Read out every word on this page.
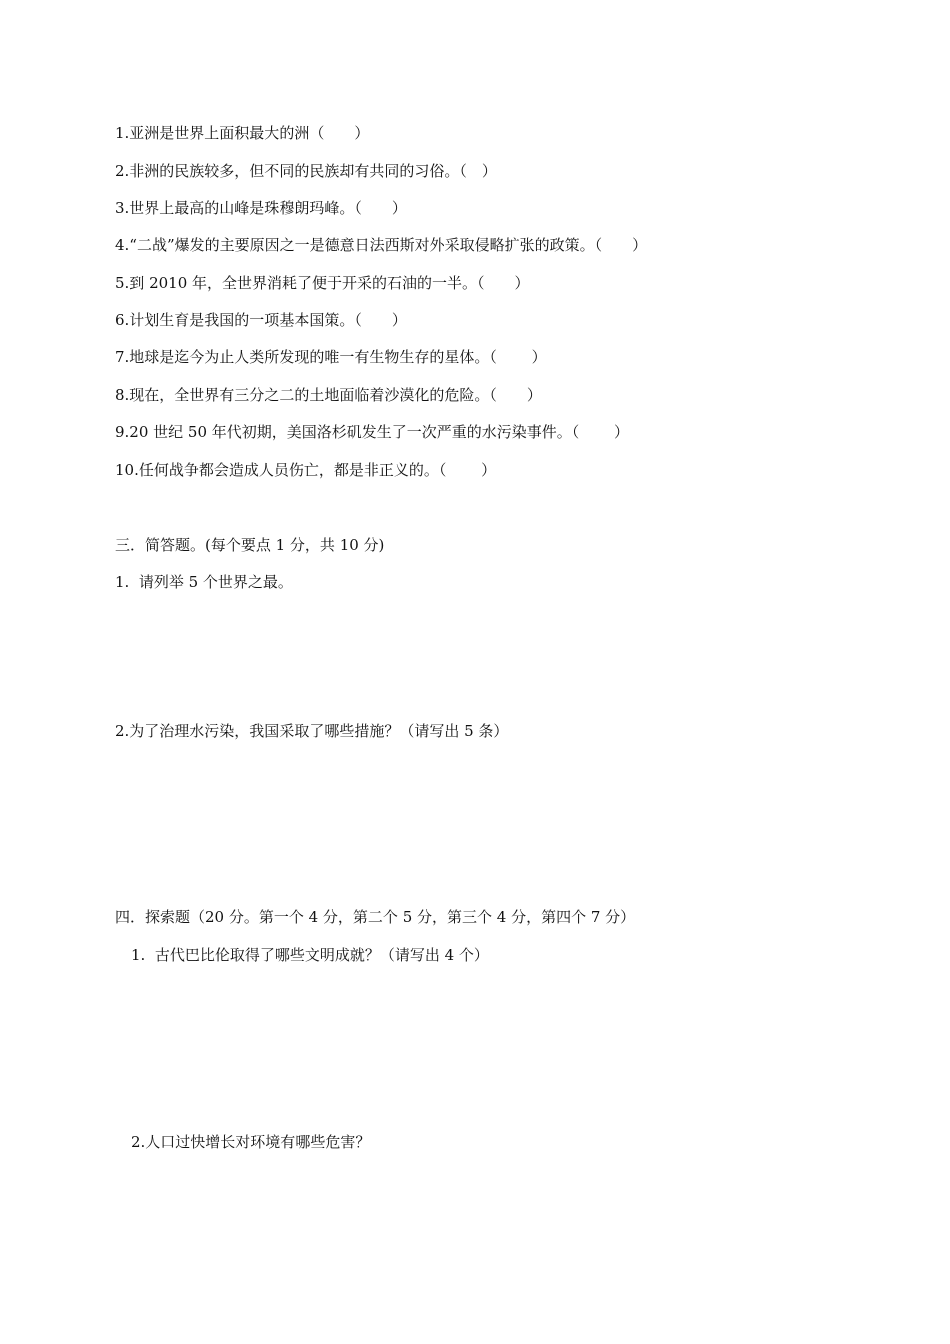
1.亚洲是世界上面积最大的洲（　　）
2.非洲的民族较多，但不同的民族却有共同的习俗。（　）
3.世界上最高的山峰是珠穆朗玛峰。（　　）
4.“二战”爆发的主要原因之一是德意日法西斯对外采取侵略扩张的政策。（　　）
5.到 2010 年，全世界消耗了便于开采的石油的一半。（　　）
6.计划生育是我国的一项基本国策。（　　）
7.地球是迄今为止人类所发现的唯一有生物生存的星体。（　　 ）
8.现在，全世界有三分之二的土地面临着沙漠化的危险。（　　）
9.20 世纪 50 年代初期，美国洛杉矶发生了一次严重的水污染事件。（　　 ）
10.任何战争都会造成人员伤亡，都是非正义的。（　　 ）
三．简答题。(每个要点 1 分，共 10 分)
1.  请列举 5 个世界之最。
2.为了治理水污染，我国采取了哪些措施？（请写出 5 条）
四．探索题（20 分。第一个 4 分，第二个 5 分，第三个 4 分，第四个 7 分）
1.  古代巴比伦取得了哪些文明成就？（请写出 4 个）
2.人口过快增长对环境有哪些危害？
